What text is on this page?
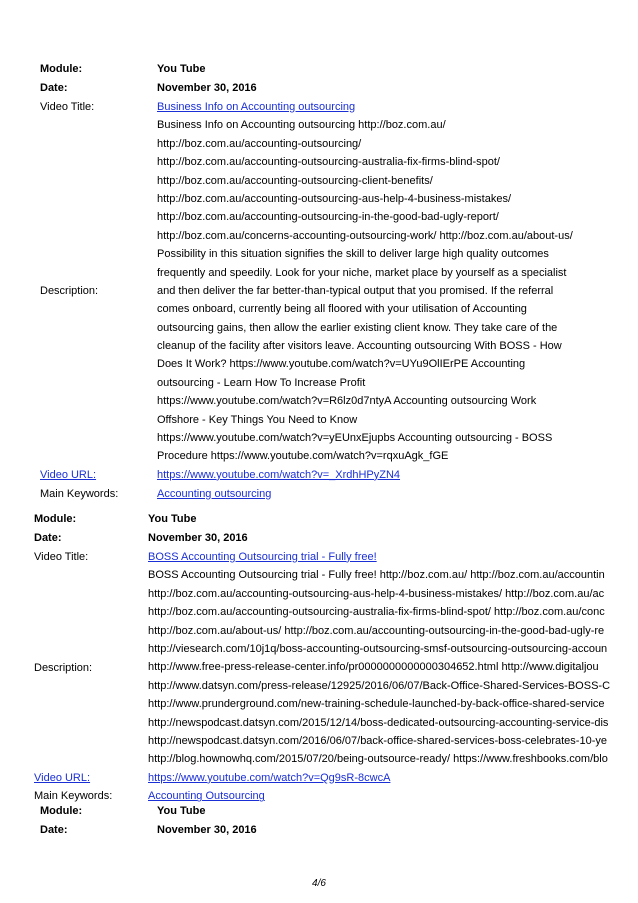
Module:	You Tube
Date:	November 30, 2016
Video Title:	Business Info on Accounting outsourcing
Description:
Business Info on Accounting outsourcing http://boz.com.au/
http://boz.com.au/accounting-outsourcing/
http://boz.com.au/accounting-outsourcing-australia-fix-firms-blind-spot/
http://boz.com.au/accounting-outsourcing-client-benefits/
http://boz.com.au/accounting-outsourcing-aus-help-4-business-mistakes/
http://boz.com.au/accounting-outsourcing-in-the-good-bad-ugly-report/
http://boz.com.au/concerns-accounting-outsourcing-work/ http://boz.com.au/about-us/
Possibility in this situation signifies the skill to deliver large high quality outcomes
frequently and speedily. Look for your niche, market place by yourself as a specialist
and then deliver the far better-than-typical output that you promised. If the referral
comes onboard, currently being all floored with your utilisation of Accounting
outsourcing gains, then allow the earlier existing client know. They take care of the
cleanup of the facility after visitors leave. Accounting outsourcing With BOSS - How
Does It Work? https://www.youtube.com/watch?v=UYu9OlIErPE Accounting
outsourcing - Learn How To Increase Profit
https://www.youtube.com/watch?v=R6lz0d7ntyA Accounting outsourcing Work
Offshore - Key Things You Need to Know
https://www.youtube.com/watch?v=yEUnxEjupbs Accounting outsourcing - BOSS
Procedure https://www.youtube.com/watch?v=rqxuAgk_fGE
Video URL:	https://www.youtube.com/watch?v=_XrdhHPyZN4
Main Keywords:	Accounting outsourcing
Module:	You Tube
Date:	November 30, 2016
Video Title:	BOSS Accounting Outsourcing trial - Fully free!
Description:
BOSS Accounting Outsourcing trial - Fully free! http://boz.com.au/ http://boz.com.au/accountin
http://boz.com.au/accounting-outsourcing-aus-help-4-business-mistakes/ http://boz.com.au/ac
http://boz.com.au/accounting-outsourcing-australia-fix-firms-blind-spot/ http://boz.com.au/conc
http://boz.com.au/about-us/ http://boz.com.au/accounting-outsourcing-in-the-good-bad-ugly-re
http://viesearch.com/10j1q/boss-accounting-outsourcing-smsf-outsourcing-outsourcing-accoun
http://www.free-press-release-center.info/pr0000000000000304652.html http://www.digitaljou
http://www.datsyn.com/press-release/12925/2016/06/07/Back-Office-Shared-Services-BOSS-C
http://www.prunderground.com/new-training-schedule-launched-by-back-office-shared-service
http://newspodcast.datsyn.com/2015/12/14/boss-dedicated-outsourcing-accounting-service-dis
http://newspodcast.datsyn.com/2016/06/07/back-office-shared-services-boss-celebrates-10-ye
http://blog.hownowhq.com/2015/07/20/being-outsource-ready/ https://www.freshbooks.com/blo
Video URL:	https://www.youtube.com/watch?v=Qg9sR-8cwcA
Main Keywords:	Accounting Outsourcing
Module:	You Tube
Date:	November 30, 2016
4/6
